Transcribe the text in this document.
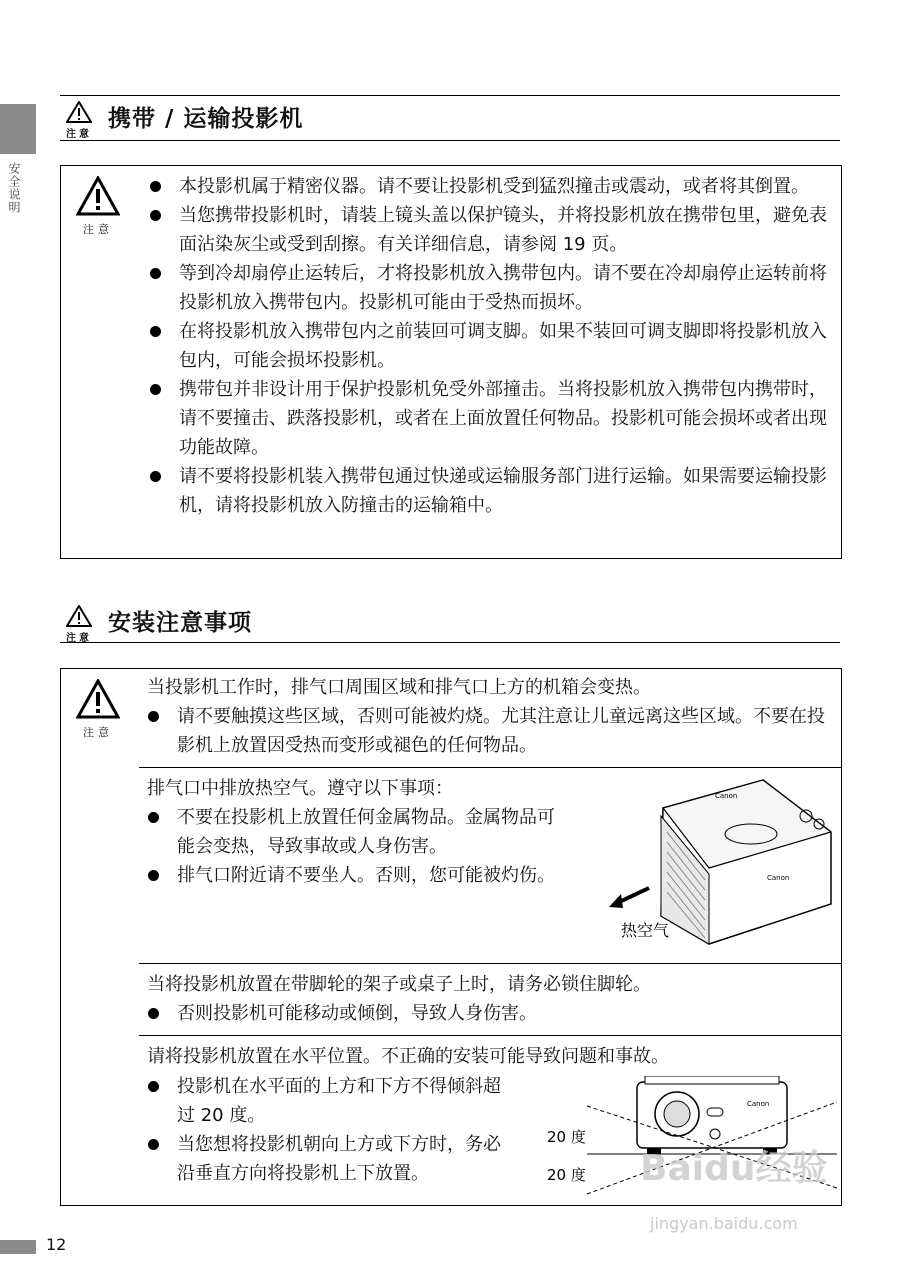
安全说明
注意
携带 / 运输投影机
注意
本投影机属于精密仪器。请不要让投影机受到猛烈撞击或震动，或者将其倒置。
当您携带投影机时，请装上镜头盖以保护镜头，并将投影机放在携带包里，避免表面沾染灰尘或受到刮擦。有关详细信息，请参阅 19 页。
等到冷却扇停止运转后，才将投影机放入携带包内。请不要在冷却扇停止运转前将投影机放入携带包内。投影机可能由于受热而损坏。
在将投影机放入携带包内之前装回可调支脚。如果不装回可调支脚即将投影机放入包内，可能会损坏投影机。
携带包并非设计用于保护投影机免受外部撞击。当将投影机放入携带包内携带时，请不要撞击、跌落投影机，或者在上面放置任何物品。投影机可能会损坏或者出现功能故障。
请不要将投影机装入携带包通过快递或运输服务部门进行运输。如果需要运输投影机，请将投影机放入防撞击的运输箱中。
注意
安装注意事项
注意
当投影机工作时，排气口周围区域和排气口上方的机箱会变热。
请不要触摸这些区域，否则可能被灼烧。尤其注意让儿童远离这些区域。不要在投影机上放置因受热而变形或褪色的任何物品。
排气口中排放热空气。遵守以下事项：
不要在投影机上放置任何金属物品。金属物品可能会变热，导致事故或人身伤害。
排气口附近请不要坐人。否则，您可能被灼伤。
Canon
Canon
热空气
当将投影机放置在带脚轮的架子或桌子上时，请务必锁住脚轮。
否则投影机可能移动或倾倒，导致人身伤害。
请将投影机放置在水平位置。不正确的安装可能导致问题和事故。
投影机在水平面的上方和下方不得倾斜超过 20 度。
当您想将投影机朝向上方或下方时，务必沿垂直方向将投影机上下放置。
Canon
20 度
20 度 Baidu经验
jingyan.baidu.com
12
